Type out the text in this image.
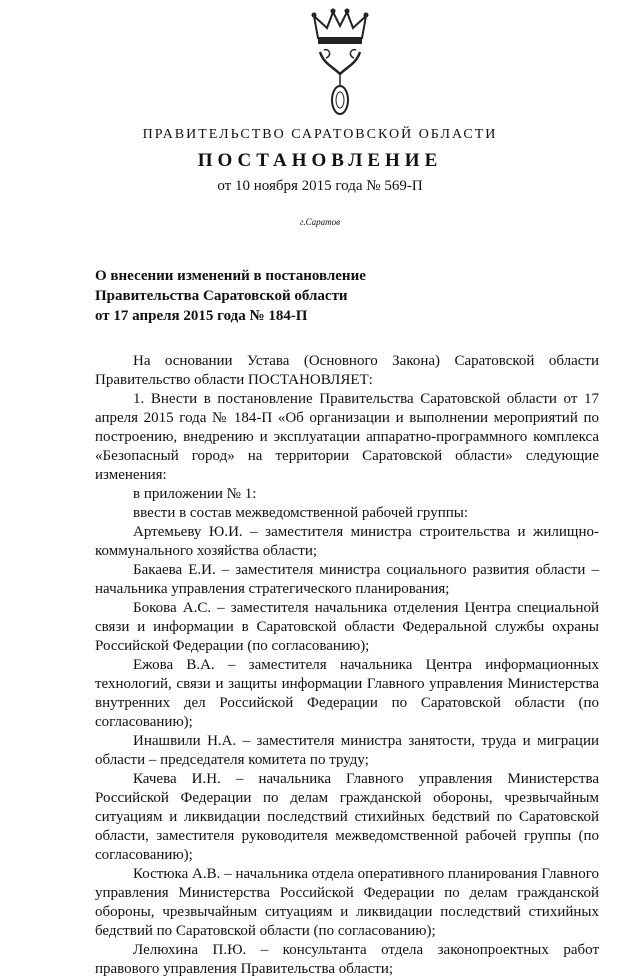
ПРАВИТЕЛЬСТВО САРАТОВСКОЙ ОБЛАСТИ
ПОСТАНОВЛЕНИЕ
от 10 ноября 2015 года № 569-П
г.Саратов
О внесении изменений в постановление
Правительства Саратовской области
от 17 апреля 2015 года № 184-П

На основании Устава (Основного Закона) Саратовской области Правительство области ПОСТАНОВЛЯЕТ:

1. Внести в постановление Правительства Саратовской области от 17 апреля 2015 года № 184-П «Об организации и выполнении мероприятий по построению, внедрению и эксплуатации аппаратно-программного комплекса «Безопасный город» на территории Саратовской области» следующие изменения:

в приложении № 1:

ввести в состав межведомственной рабочей группы:

Артемьеву Ю.И. – заместителя министра строительства и жилищно-коммунального хозяйства области;

Бакаева Е.И. – заместителя министра социального развития области – начальника управления стратегического планирования;

Бокова А.С. – заместителя начальника отделения Центра специальной связи и информации в Саратовской области Федеральной службы охраны Российской Федерации (по согласованию);

Ежова В.А. – заместителя начальника Центра информационных технологий, связи и защиты информации Главного управления Министерства внутренних дел Российской Федерации по Саратовской области (по согласованию);

Инашвили Н.А. – заместителя министра занятости, труда и миграции области – председателя комитета по труду;

Качева И.Н. – начальника Главного управления Министерства Российской Федерации по делам гражданской обороны, чрезвычайным ситуациям и ликвидации последствий стихийных бедствий по Саратовской области, заместителя руководителя межведомственной рабочей группы (по согласованию);

Костюка А.В. – начальника отдела оперативного планирования Главного управления Министерства Российской Федерации по делам гражданской обороны, чрезвычайным ситуациям и ликвидации последствий стихийных бедствий по Саратовской области (по согласованию);

Лелюхина П.Ю. – консультанта отдела законопроектных работ правового управления Правительства области;
